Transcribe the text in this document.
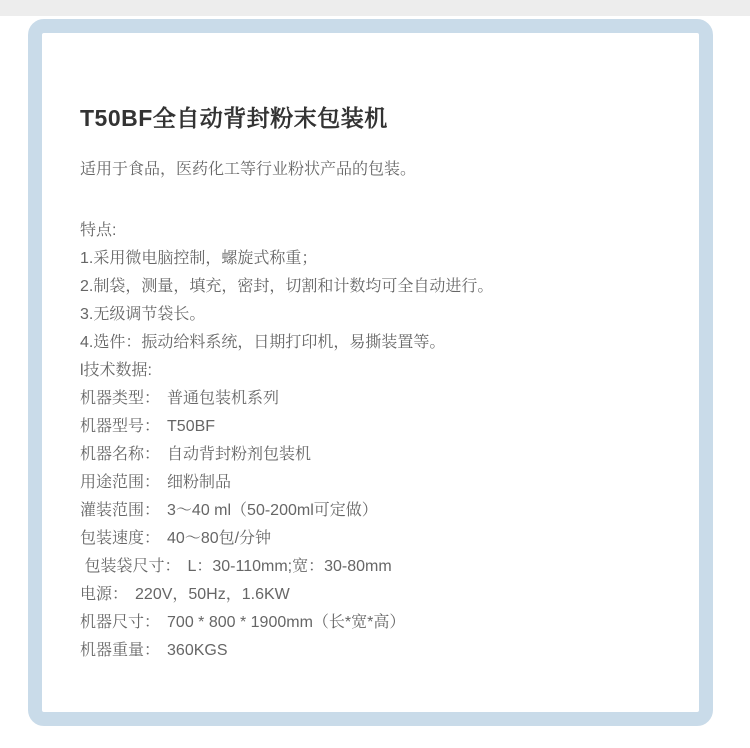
T50BF全自动背封粉末包装机
适用于食品，医药化工等行业粉状产品的包装。
特点:
1.采用微电脑控制，螺旋式称重；
2.制袋，测量，填充，密封，切割和计数均可全自动进行。
3.无级调节袋长。
4.选件：振动给料系统，日期打印机，易撕装置等。
l技术数据:
机器类型： 普通包装机系列
机器型号： T50BF
机器名称： 自动背封粉剂包装机
用途范围： 细粉制品
灌装范围： 3～40 ml（50-200ml可定做）
包装速度： 40～80包/分钟
包装袋尺寸： L：30-110mm;宽：30-80mm
电源： 220V，50Hz，1.6KW
机器尺寸： 700 * 800 * 1900mm（长*宽*高）
机器重量： 360KGS
